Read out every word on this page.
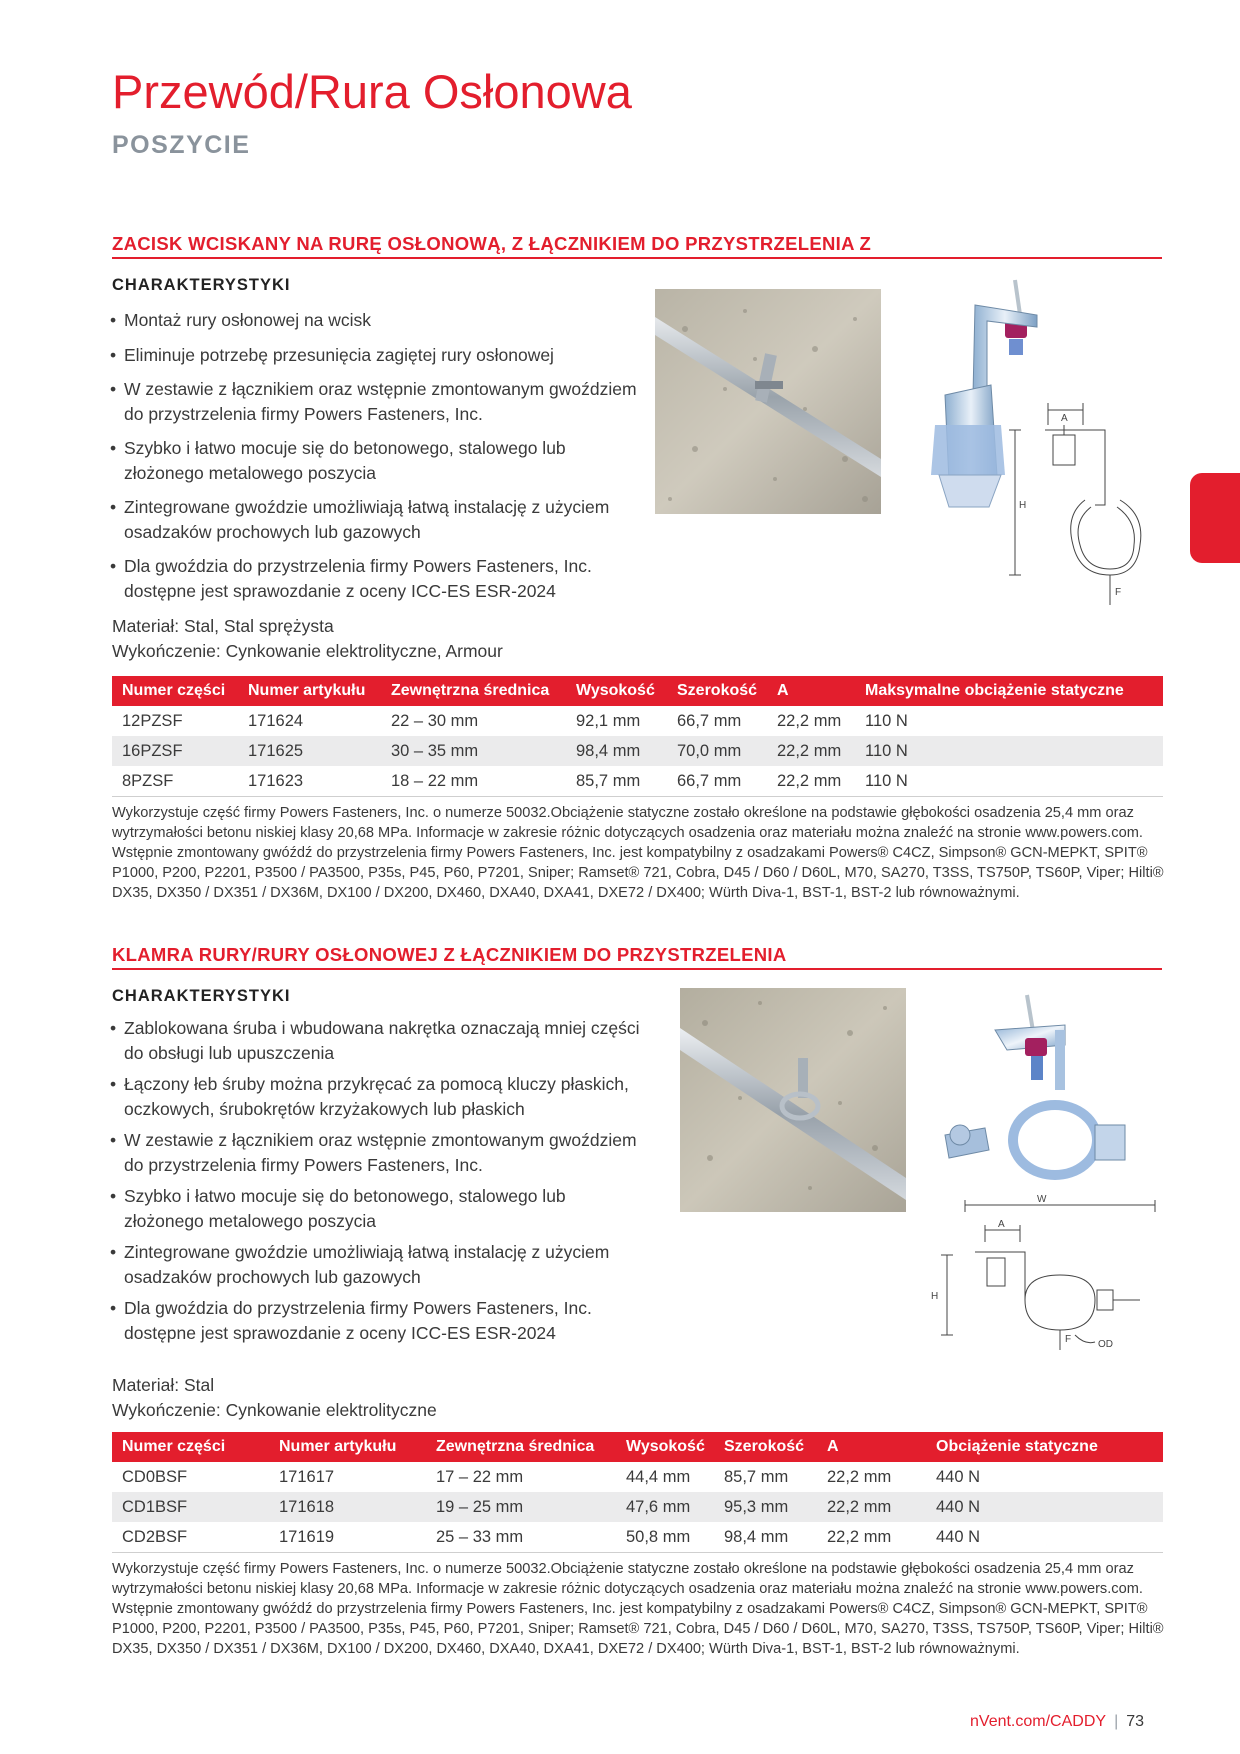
Przewód/Rura Osłonowa
POSZYCIE
ZACISK WCISKANY NA RURĘ OSŁONOWĄ, Z ŁĄCZNIKIEM DO PRZYSTRZELENIA Z
CHARAKTERYSTYKI
• Montaż rury osłonowej na wcisk
• Eliminuje potrzebę przesunięcia zagiętej rury osłonowej
• W zestawie z łącznikiem oraz wstępnie zmontowanym gwoździem do przystrzelenia firmy Powers Fasteners, Inc.
• Szybko i łatwo mocuje się do betonowego, stalowego lub złożonego metalowego poszycia
• Zintegrowane gwoździe umożliwiają łatwą instalację z użyciem osadzaków prochowych lub gazowych
• Dla gwoździa do przystrzelenia firmy Powers Fasteners, Inc. dostępne jest sprawozdanie z oceny ICC-ES ESR-2024
Materiał: Stal, Stal sprężysta
Wykończenie: Cynkowanie elektrolityczne, Armour
A
H
F
Numer części	Numer artykułu	Zewnętrzna średnica	Wysokość	Szerokość	A	Maksymalne obciążenie statyczne
12PZSF	171624	22 – 30 mm	92,1 mm	66,7 mm	22,2 mm	110 N
16PZSF	171625	30 – 35 mm	98,4 mm	70,0 mm	22,2 mm	110 N
8PZSF	171623	18 – 22 mm	85,7 mm	66,7 mm	22,2 mm	110 N
Wykorzystuje część firmy Powers Fasteners, Inc. o numerze 50032.Obciążenie statyczne zostało określone na podstawie głębokości osadzenia 25,4 mm oraz wytrzymałości betonu niskiej klasy 20,68 MPa. Informacje w zakresie różnic dotyczących osadzenia oraz materiału można znaleźć na stronie www.powers.com. Wstępnie zmontowany gwóźdź do przystrzelenia firmy Powers Fasteners, Inc. jest kompatybilny z osadzakami Powers® C4CZ, Simpson® GCN-MEPKT, SPIT® P1000, P200, P2201, P3500 / PA3500, P35s, P45, P60, P7201, Sniper; Ramset® 721, Cobra, D45 / D60 / D60L, M70, SA270, T3SS, TS750P, TS60P, Viper; Hilti® DX35, DX350 / DX351 / DX36M, DX100 / DX200, DX460, DXA40, DXA41, DXE72 / DX400; Würth Diva-1, BST-1, BST-2 lub równoważnymi.
KLAMRA RURY/RURY OSŁONOWEJ Z ŁĄCZNIKIEM DO PRZYSTRZELENIA
CHARAKTERYSTYKI
• Zablokowana śruba i wbudowana nakrętka oznaczają mniej części do obsługi lub upuszczenia
• Łączony łeb śruby można przykręcać za pomocą kluczy płaskich, oczkowych, śrubokrętów krzyżakowych lub płaskich
• W zestawie z łącznikiem oraz wstępnie zmontowanym gwoździem do przystrzelenia firmy Powers Fasteners, Inc.
• Szybko i łatwo mocuje się do betonowego, stalowego lub złożonego metalowego poszycia
• Zintegrowane gwoździe umożliwiają łatwą instalację z użyciem osadzaków prochowych lub gazowych
• Dla gwoździa do przystrzelenia firmy Powers Fasteners, Inc. dostępne jest sprawozdanie z oceny ICC-ES ESR-2024
Materiał: Stal
Wykończenie: Cynkowanie elektrolityczne
W
A
H
F	OD
Numer części	Numer artykułu	Zewnętrzna średnica	Wysokość	Szerokość	A	Obciążenie statyczne
CD0BSF	171617	17 – 22 mm	44,4 mm	85,7 mm	22,2 mm	440 N
CD1BSF	171618	19 – 25 mm	47,6 mm	95,3 mm	22,2 mm	440 N
CD2BSF	171619	25 – 33 mm	50,8 mm	98,4 mm	22,2 mm	440 N
Wykorzystuje część firmy Powers Fasteners, Inc. o numerze 50032.Obciążenie statyczne zostało określone na podstawie głębokości osadzenia 25,4 mm oraz wytrzymałości betonu niskiej klasy 20,68 MPa. Informacje w zakresie różnic dotyczących osadzenia oraz materiału można znaleźć na stronie www.powers.com. Wstępnie zmontowany gwóźdź do przystrzelenia firmy Powers Fasteners, Inc. jest kompatybilny z osadzakami Powers® C4CZ, Simpson® GCN-MEPKT, SPIT® P1000, P200, P2201, P3500 / PA3500, P35s, P45, P60, P7201, Sniper; Ramset® 721, Cobra, D45 / D60 / D60L, M70, SA270, T3SS, TS750P, TS60P, Viper; Hilti® DX35, DX350 / DX351 / DX36M, DX100 / DX200, DX460, DXA40, DXA41, DXE72 / DX400; Würth Diva-1, BST-1, BST-2 lub równoważnymi.
nVent.com/CADDY | 73
